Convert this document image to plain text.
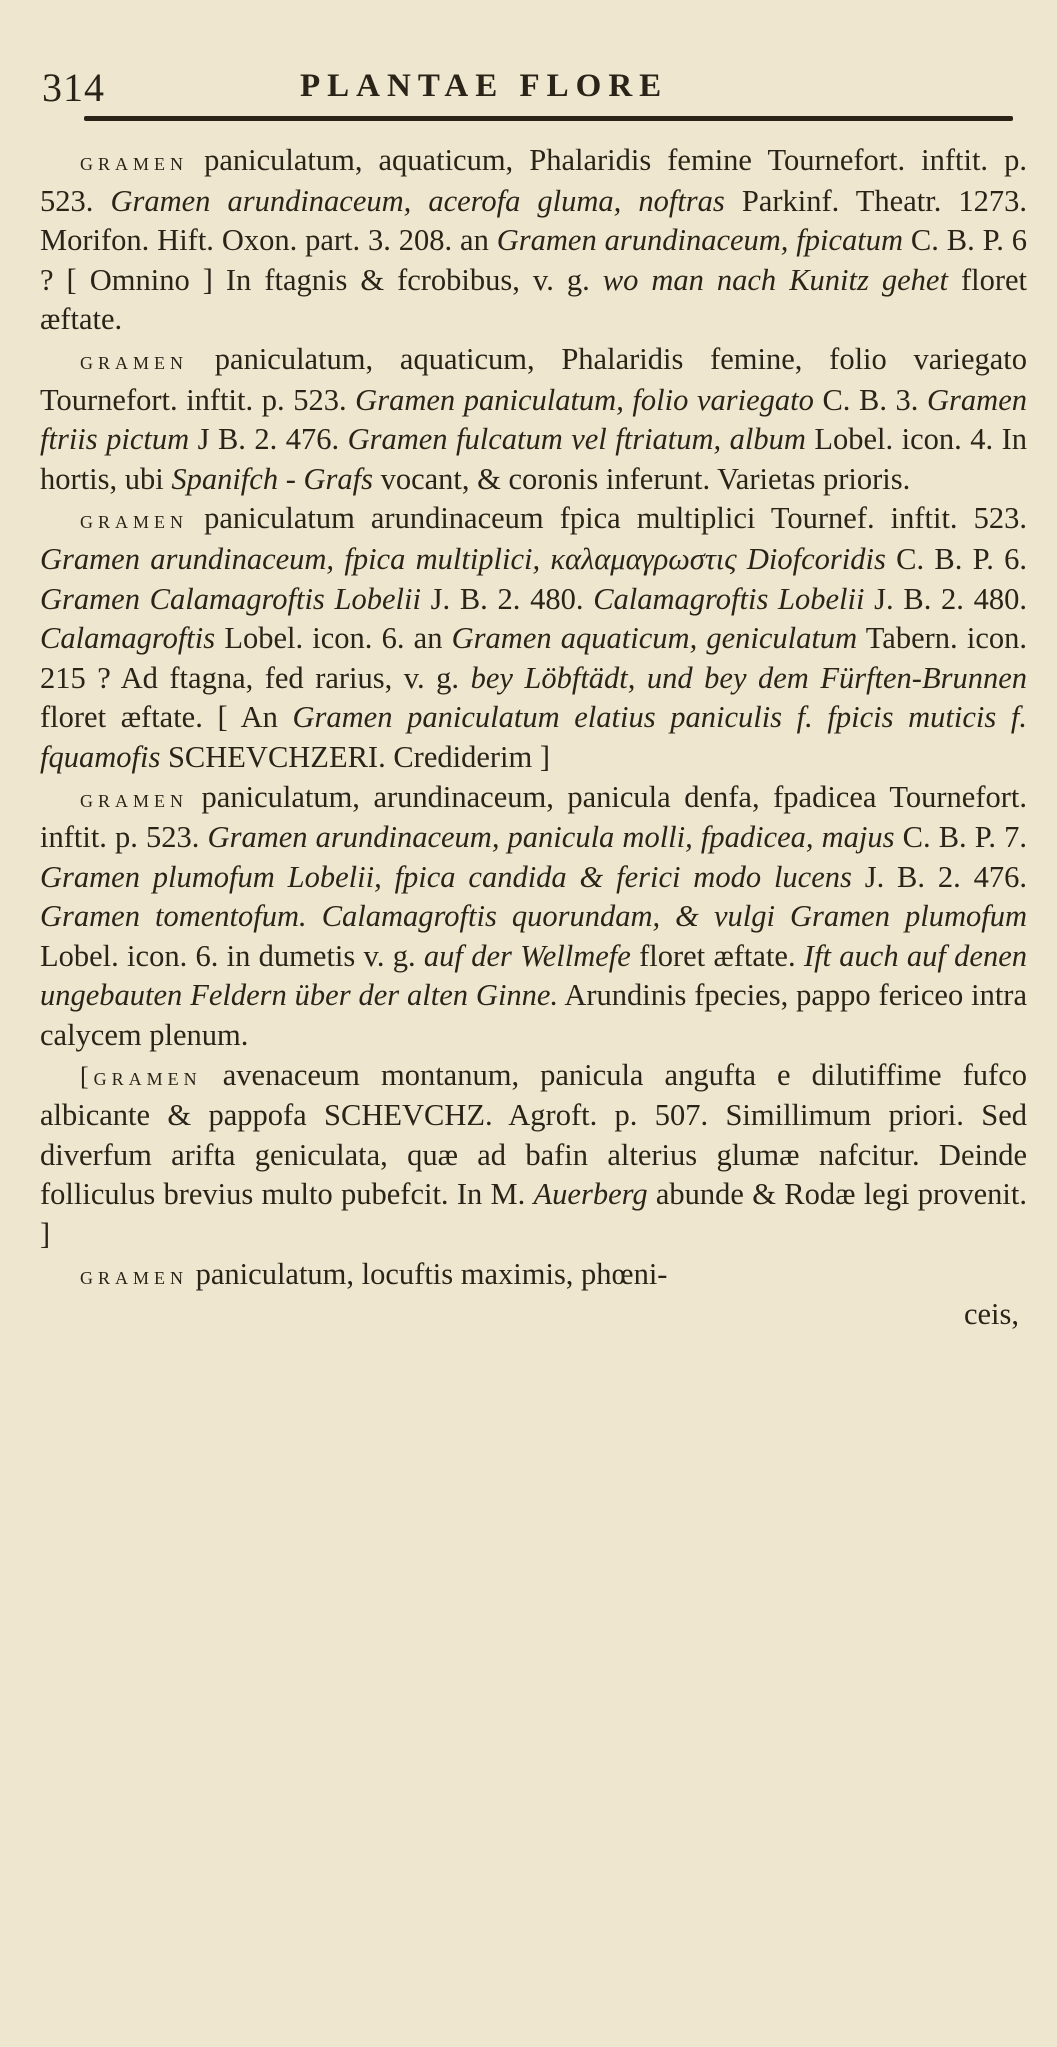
314	PLANTAE FLORE

gramen paniculatum, aquaticum, Phalaridis femine Tournefort. inftit. p. 523. Gramen arundinaceum, acerofa gluma, noftras Parkinf. Theatr. 1273. Morifon. Hift. Oxon. part. 3. 208. an Gramen arundinaceum, fpicatum C. B. P. 6 ? [ Omnino ] In ftagnis & fcrobibus, v. g. wo man nach Kunitz gehet floret æftate.

gramen paniculatum, aquaticum, Phalaridis femine, folio variegato Tournefort. inftit. p. 523. Gramen paniculatum, folio variegato C. B. 3. Gramen ftriis pictum J B. 2. 476. Gramen fulcatum vel ftriatum, album Lobel. icon. 4. In hortis, ubi Spanifch - Grafs vocant, & coronis inferunt. Varietas prioris.

gramen paniculatum arundinaceum fpica multiplici Tournef. inftit. 523. Gramen arundinaceum, fpica multiplici, καλαμαγρωστις Diofcoridis C. B. P. 6. Gramen Calamagroftis Lobelii J. B. 2. 480. Calamagroftis Lobelii J. B. 2. 480. Calamagroftis Lobel. icon. 6. an Gramen aquaticum, geniculatum Tabern. icon. 215 ? Ad ftagna, fed rarius, v. g. bey Löbftädt, und bey dem Fürften-Brunnen floret æftate. [ An Gramen paniculatum elatius paniculis f. fpicis muticis f. fquamofis SCHEVCHZERI. Crediderim ]

gramen paniculatum, arundinaceum, panicula denfa, fpadicea Tournefort. inftit. p. 523. Gramen arundinaceum, panicula molli, fpadicea, majus C. B. P. 7. Gramen plumofum Lobelii, fpica candida & ferici modo lucens J. B. 2. 476. Gramen tomentofum. Calamagroftis quorundam, & vulgi Gramen plumofum Lobel. icon. 6. in dumetis v. g. auf der Wellmefe floret æftate. Ift auch auf denen ungebauten Feldern über der alten Ginne. Arundinis fpecies, pappo fericeo intra calycem plenum.

[gramen avenaceum montanum, panicula angufta e dilutiffime fufco albicante & pappofa SCHEVCHZ. Agroft. p. 507. Simillimum priori. Sed diverfum arifta geniculata, quæ ad bafin alterius glumæ nafcitur. Deinde folliculus brevius multo pubefcit. In M. Auerberg abunde & Rodæ legi provenit. ]

gramen paniculatum, locuftis maximis, phœni-

ceis,
